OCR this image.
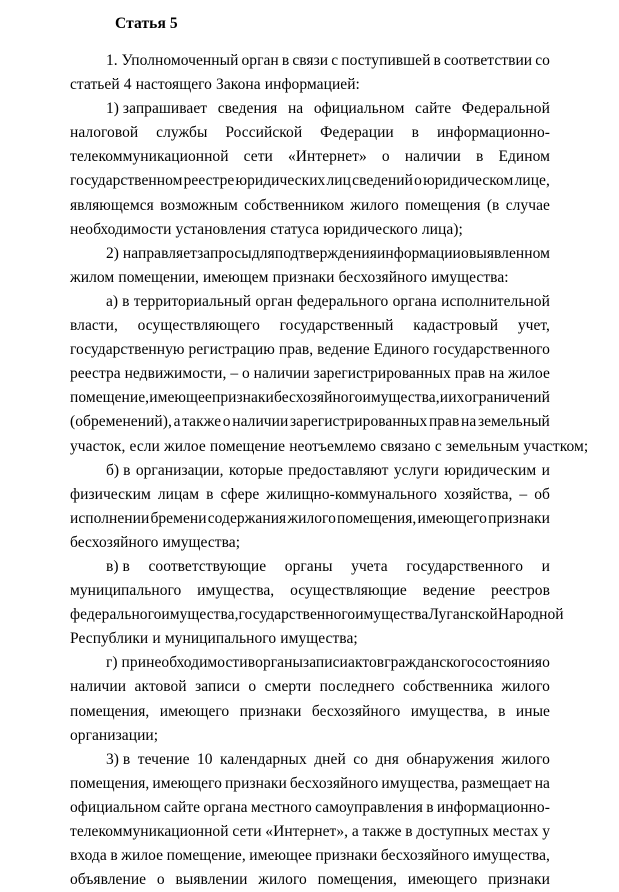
Статья 5
1. Уполномоченный орган в связи с поступившей в соответствии со
статьей 4 настоящего Закона информацией:
1) запрашивает сведения на официальном сайте Федеральной
налоговой службы Российской Федерации в информационно-
телекоммуникационной сети «Интернет» о наличии в Едином
государственном реестре юридических лиц сведений о юридическом лице,
являющемся возможным собственником жилого помещения (в случае
необходимости установления статуса юридического лица);
2) направляет запросы для подтверждения информации о выявленном
жилом помещении, имеющем признаки бесхозяйного имущества:
а) в территориальный орган федерального органа исполнительной
власти, осуществляющего государственный кадастровый учет,
государственную регистрацию прав, ведение Единого государственного
реестра недвижимости, – о наличии зарегистрированных прав на жилое
помещение, имеющее признаки бесхозяйного имущества, и их ограничений
(обременений), а также о наличии зарегистрированных прав на земельный
участок, если жилое помещение неотъемлемо связано с земельным участком;
б) в организации, которые предоставляют услуги юридическим и
физическим лицам в сфере жилищно-коммунального хозяйства, – об
исполнении бремени содержания жилого помещения, имеющего признаки
бесхозяйного имущества;
в) в соответствующие органы учета государственного и
муниципального имущества, осуществляющие ведение реестров
федерального имущества, государственного имущества Луганской Народной
Республики и муниципального имущества;
г) при необходимости в органы записи актов гражданского состояния о
наличии актовой записи о смерти последнего собственника жилого
помещения, имеющего признаки бесхозяйного имущества, в иные
организации;
3) в течение 10 календарных дней со дня обнаружения жилого
помещения, имеющего признаки бесхозяйного имущества, размещает на
официальном сайте органа местного самоуправления в информационно-
телекоммуникационной сети «Интернет», а также в доступных местах у
входа в жилое помещение, имеющее признаки бесхозяйного имущества,
объявление о выявлении жилого помещения, имеющего признаки
